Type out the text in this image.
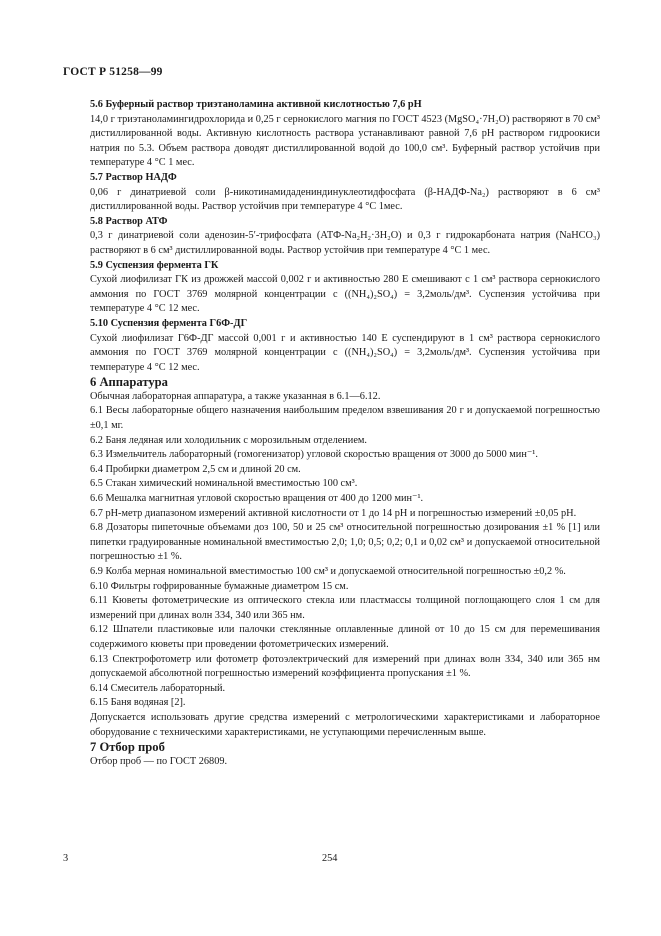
ГОСТ Р 51258—99

5.6 Буферный раствор триэтаноламина активной кислотностью 7,6 рН

14,0 г триэтаноламингидрохлорида и 0,25 г сернокислого магния по ГОСТ 4523 (MgSO₄·7H₂O) растворяют в 70 см³ дистиллированной воды. Активную кислотность раствора устанавливают равной 7,6 рН раствором гидроокиси натрия по 5.3. Объем раствора доводят дистиллированной водой до 100,0 см³. Буферный раствор устойчив при температуре 4 °С 1 мес.

5.7 Раствор НАДФ

0,06 г динатриевой соли β-никотинамидадениндинуклеотидфосфата (β-НАДФ-Na₂) растворяют в 6 см³ дистиллированной воды. Раствор устойчив при температуре 4 °С 1мес.

5.8 Раствор АТФ

0,3 г динатриевой соли аденозин-5′-трифосфата (АТФ-Na₂H₂·3H₂O) и 0,3 г гидрокарбоната натрия (NaHCO₃) растворяют в 6 см³ дистиллированной воды. Раствор устойчив при температуре 4 °С 1 мес.

5.9 Суспензия фермента ГК

Сухой лиофилизат ГК из дрожжей массой 0,002 г и активностью 280 Е смешивают с 1 см³ раствора сернокислого аммония по ГОСТ 3769 молярной концентрации c ((NH₄)₂SO₄) = 3,2моль/дм³. Суспензия устойчива при температуре 4 °С 12 мес.

5.10 Суспензия фермента Г6Ф-ДГ

Сухой лиофилизат Г6Ф-ДГ массой 0,001 г и активностью 140 Е суспендируют в 1 см³ раствора сернокислого аммония по ГОСТ 3769 молярной концентрации c ((NH₄)₂SO₄) = 3,2моль/дм³. Суспензия устойчива при температуре 4 °С 12 мес.

6 Аппаратура

Обычная лабораторная аппаратура, а также указанная в 6.1—6.12.

6.1 Весы лабораторные общего назначения наибольшим пределом взвешивания 20 г и допускаемой погрешностью ±0,1 мг.

6.2 Баня ледяная или холодильник с морозильным отделением.

6.3 Измельчитель лабораторный (гомогенизатор) угловой скоростью вращения от 3000 до 5000 мин⁻¹.

6.4 Пробирки диаметром 2,5 см и длиной 20 см.

6.5 Стакан химический номинальной вместимостью 100 см³.

6.6 Мешалка магнитная угловой скоростью вращения от 400 до 1200 мин⁻¹.

6.7 рН-метр диапазоном измерений активной кислотности от 1 до 14 рН и погрешностью измерений ±0,05 рН.

6.8 Дозаторы пипеточные объемами доз 100, 50 и 25 см³ относительной погрешностью дозирования ±1 % [1] или пипетки градуированные номинальной вместимостью 2,0; 1,0; 0,5; 0,2; 0,1 и 0,02 см³ и допускаемой относительной погрешностью ±1 %.

6.9 Колба мерная номинальной вместимостью 100 см³ и допускаемой относительной погрешностью ±0,2 %.

6.10 Фильтры гофрированные бумажные диаметром 15 см.

6.11 Кюветы фотометрические из оптического стекла или пластмассы толщиной поглощающего слоя 1 см для измерений при длинах волн 334, 340 или 365 нм.

6.12 Шпатели пластиковые или палочки стеклянные оплавленные длиной от 10 до 15 см для перемешивания содержимого кюветы при проведении фотометрических измерений.

6.13 Спектрофотометр или фотометр фотоэлектрический для измерений при длинах волн 334, 340 или 365 нм допускаемой абсолютной погрешностью измерений коэффициента пропускания ±1 %.

6.14 Смеситель лабораторный.

6.15 Баня водяная [2].

Допускается использовать другие средства измерений с метрологическими характеристиками и лабораторное оборудование с техническими характеристиками, не уступающими перечисленным выше.

7 Отбор проб

Отбор проб — по ГОСТ 26809.

3	254
